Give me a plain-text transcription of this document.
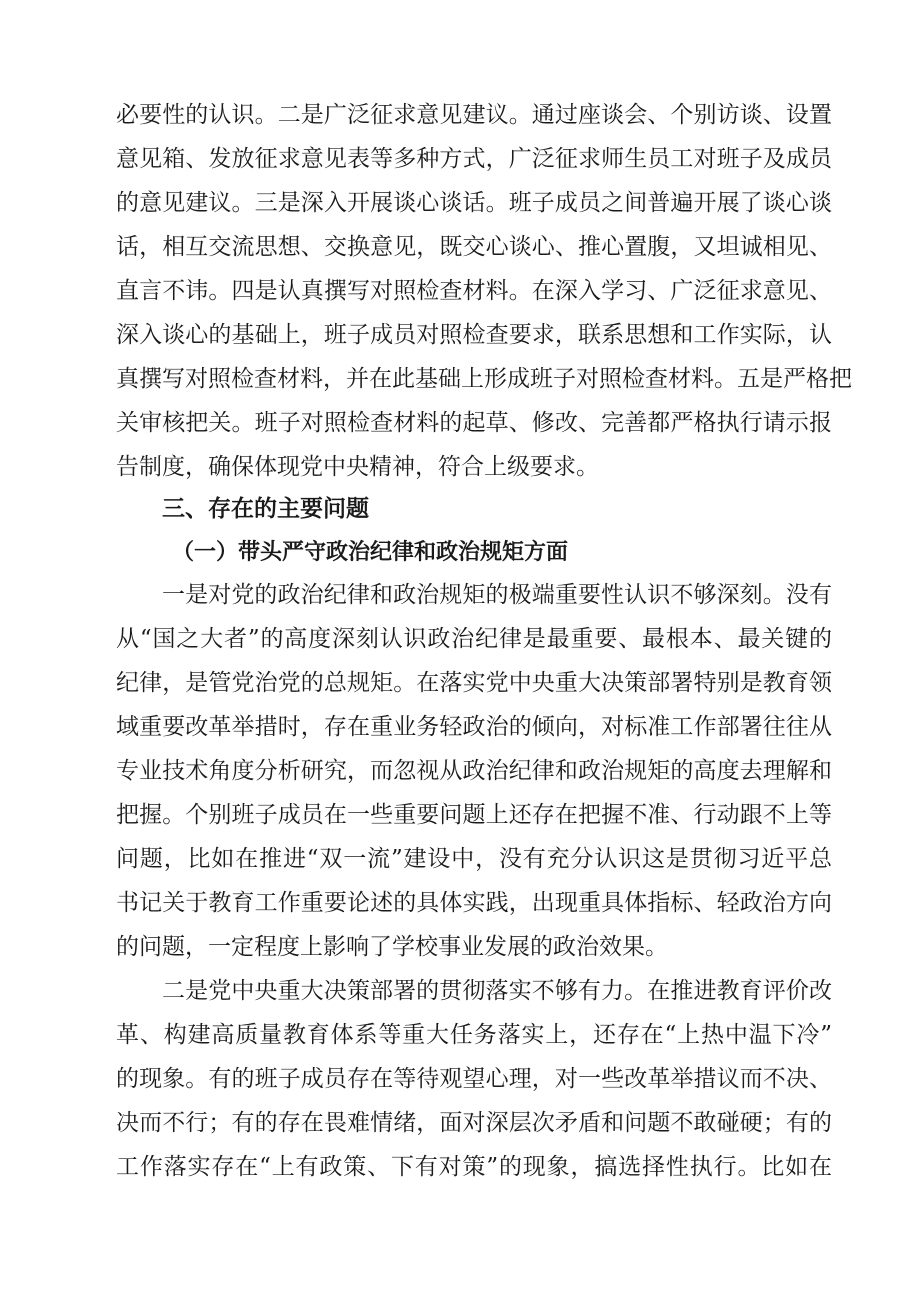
必要性的认识。二是广泛征求意见建议。通过座谈会、个别访谈、设置

意见箱、发放征求意见表等多种方式，广泛征求师生员工对班子及成员

的意见建议。三是深入开展谈心谈话。班子成员之间普遍开展了谈心谈

话，相互交流思想、交换意见，既交心谈心、推心置腹，又坦诚相见、

直言不讳。四是认真撰写对照检查材料。在深入学习、广泛征求意见、

深入谈心的基础上，班子成员对照检查要求，联系思想和工作实际，认

真撰写对照检查材料，并在此基础上形成班子对照检查材料。五是严格把

关审核把关。班子对照检查材料的起草、修改、完善都严格执行请示报

告制度，确保体现党中央精神，符合上级要求。

三、存在的主要问题
（一）带头严守政治纪律和政治规矩方面

一是对党的政治纪律和政治规矩的极端重要性认识不够深刻。没有

从“国之大者”的高度深刻认识政治纪律是最重要、最根本、最关键的

纪律，是管党治党的总规矩。在落实党中央重大决策部署特别是教育领

域重要改革举措时，存在重业务轻政治的倾向，对标准工作部署往往从

专业技术角度分析研究，而忽视从政治纪律和政治规矩的高度去理解和

把握。个别班子成员在一些重要问题上还存在把握不准、行动跟不上等

问题，比如在推进“双一流”建设中，没有充分认识这是贯彻习近平总

书记关于教育工作重要论述的具体实践，出现重具体指标、轻政治方向

的问题，一定程度上影响了学校事业发展的政治效果。

二是党中央重大决策部署的贯彻落实不够有力。在推进教育评价改

革、构建高质量教育体系等重大任务落实上，还存在“上热中温下冷”

的现象。有的班子成员存在等待观望心理，对一些改革举措议而不决、

决而不行；有的存在畏难情绪，面对深层次矛盾和问题不敢碰硬；有的

工作落实存在“上有政策、下有对策”的现象，搞选择性执行。比如在
